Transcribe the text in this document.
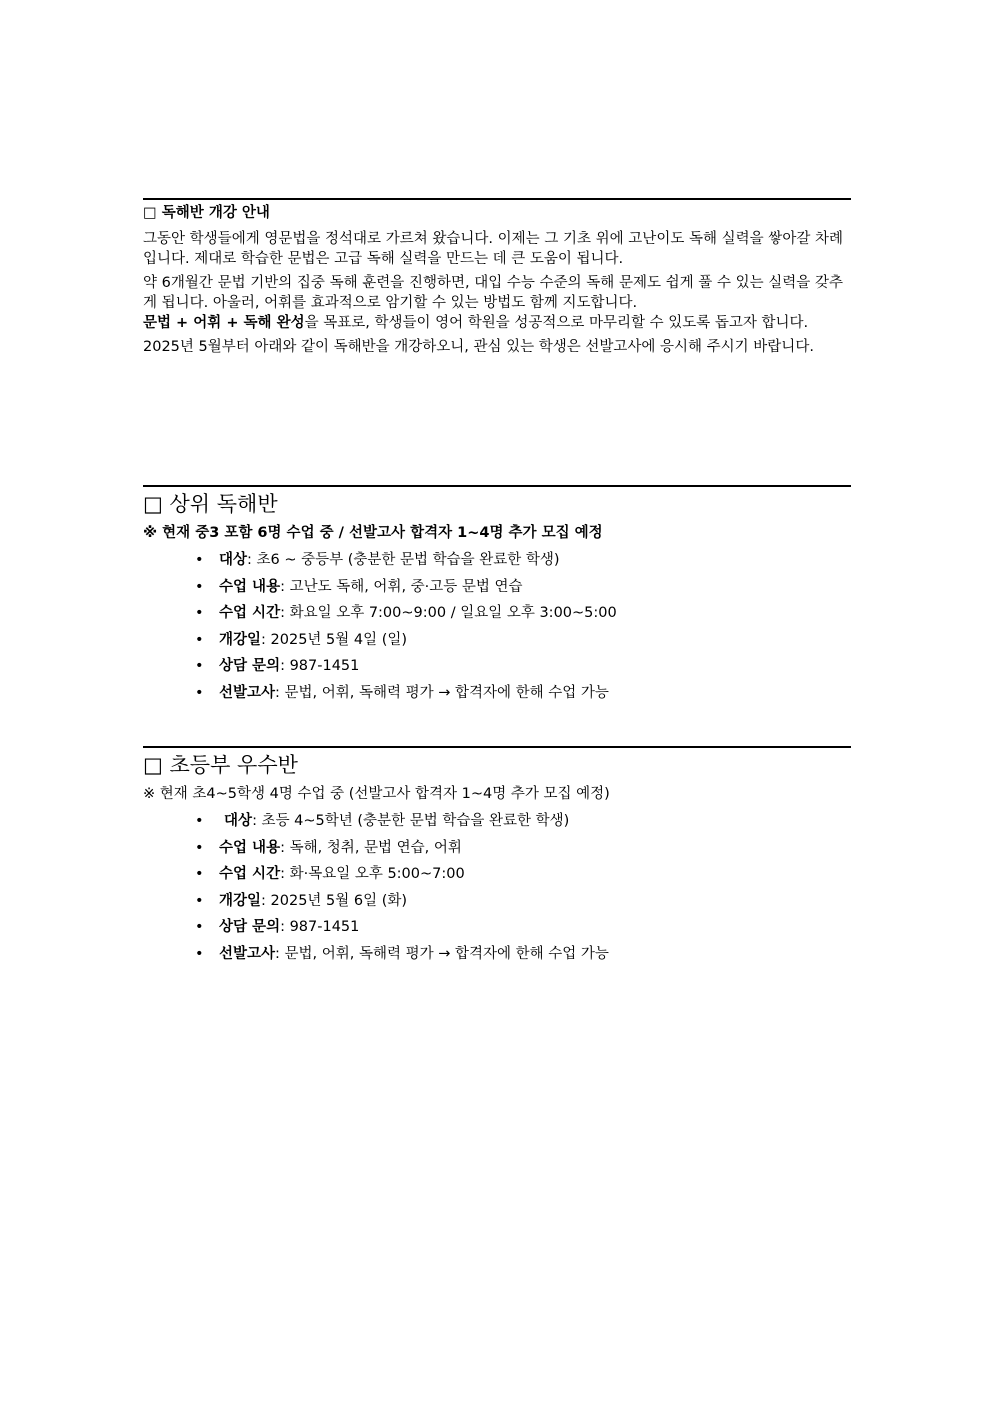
□ 독해반 개강 안내

그동안 학생들에게 영문법을 정석대로 가르쳐 왔습니다. 이제는 그 기초 위에 고난이도 독해 실력을 쌓아갈 차례입니다. 제대로 학습한 문법은 고급 독해 실력을 만드는 데 큰 도움이 됩니다.

약 6개월간 문법 기반의 집중 독해 훈련을 진행하면, 대입 수능 수준의 독해 문제도 쉽게 풀 수 있는 실력을 갖추게 됩니다. 아울러, 어휘를 효과적으로 암기할 수 있는 방법도 함께 지도합니다.

문법 + 어휘 + 독해 완성을 목표로, 학생들이 영어 학원을 성공적으로 마무리할 수 있도록 돕고자 합니다.

2025년 5월부터 아래와 같이 독해반을 개강하오니, 관심 있는 학생은 선발고사에 응시해 주시기 바랍니다.

□ 상위 독해반
※ 현재 중3 포함 6명 수업 중 / 선발고사 합격자 1~4명 추가 모집 예정
• 대상: 초6 ~ 중등부 (충분한 문법 학습을 완료한 학생)
• 수업 내용: 고난도 독해, 어휘, 중·고등 문법 연습
• 수업 시간: 화요일 오후 7:00~9:00 / 일요일 오후 3:00~5:00
• 개강일: 2025년 5월 4일 (일)
• 상담 문의: 987-1451
• 선발고사: 문법, 어휘, 독해력 평가 → 합격자에 한해 수업 가능
□ 초등부 우수반
※ 현재 초4~5학생 4명 수업 중 (선발고사 합격자 1~4명 추가 모집 예정)
• 대상: 초등 4~5학년 (충분한 문법 학습을 완료한 학생)
• 수업 내용: 독해, 청취, 문법 연습, 어휘
• 수업 시간: 화·목요일 오후 5:00~7:00
• 개강일: 2025년 5월 6일 (화)
• 상담 문의: 987-1451
• 선발고사: 문법, 어휘, 독해력 평가 → 합격자에 한해 수업 가능
